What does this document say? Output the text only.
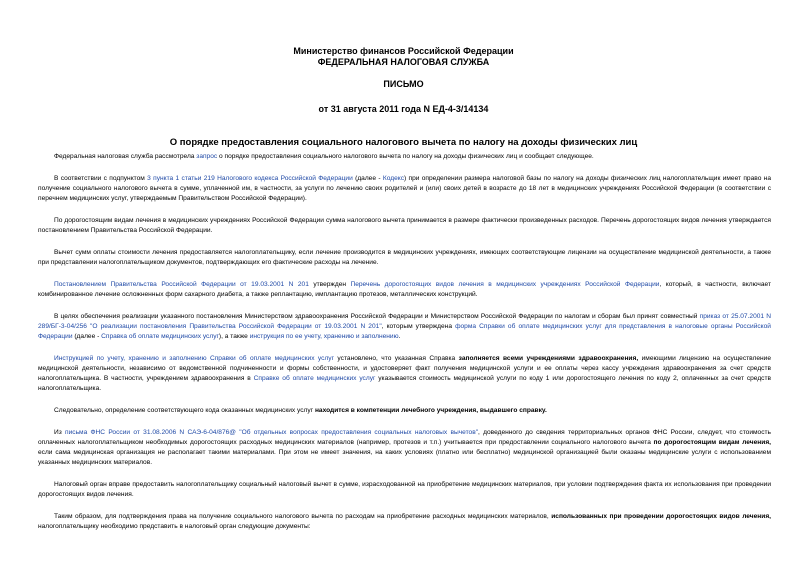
Министерство финансов Российской Федерации
ФЕДЕРАЛЬНАЯ НАЛОГОВАЯ СЛУЖБА
ПИСЬМО
от 31 августа 2011 года N ЕД-4-3/14134
О порядке предоставления социального налогового вычета по налогу на доходы физических лиц

Федеральная налоговая служба рассмотрела запрос о порядке предоставления социального налогового вычета по налогу на доходы физических лиц и сообщает следующее.

В соответствии с подпунктом 3 пункта 1 статьи 219 Налогового кодекса Российской Федерации (далее - Кодекс) при определении размера налоговой базы по налогу на доходы физических лиц налогоплательщик имеет право на получение социального налогового вычета в сумме, уплаченной им, в частности, за услуги по лечению своих родителей и (или) своих детей в возрасте до 18 лет в медицинских учреждениях Российской Федерации (в соответствии с перечнем медицинских услуг, утверждаемым Правительством Российской Федерации).

По дорогостоящим видам лечения в медицинских учреждениях Российской Федерации сумма налогового вычета принимается в размере фактически произведенных расходов. Перечень дорогостоящих видов лечения утверждается постановлением Правительства Российской Федерации.

Вычет сумм оплаты стоимости лечения предоставляется налогоплательщику, если лечение производится в медицинских учреждениях, имеющих соответствующие лицензии на осуществление медицинской деятельности, а также при представлении налогоплательщиком документов, подтверждающих его фактические расходы на лечение.

Постановлением Правительства Российской Федерации от 19.03.2001 N 201 утвержден Перечень дорогостоящих видов лечения в медицинских учреждениях Российской Федерации, который, в частности, включает комбинированное лечение осложненных форм сахарного диабета, а также реплантацию, имплантацию протезов, металлических конструкций.

В целях обеспечения реализации указанного постановления Министерством здравоохранения Российской Федерации и Министерством Российской Федерации по налогам и сборам был принят совместный приказ от 25.07.2001 N 289/БГ-3-04/256 "О реализации постановления Правительства Российской Федерации от 19.03.2001 N 201", которым утверждена форма Справки об оплате медицинских услуг для представления в налоговые органы Российской Федерации (далее - Справка об оплате медицинских услуг), а также инструкция по ее учету, хранению и заполнению.

Инструкцией по учету, хранению и заполнению Справки об оплате медицинских услуг установлено, что указанная Справка заполняется всеми учреждениями здравоохранения, имеющими лицензию на осуществление медицинской деятельности, независимо от ведомственной подчиненности и формы собственности, и удостоверяет факт получения медицинской услуги и ее оплаты через кассу учреждения здравоохранения за счет средств налогоплательщика. В частности, учреждением здравоохранения в Справке об оплате медицинских услуг указывается стоимость медицинской услуги по коду 1 или дорогостоящего лечения по коду 2, оплаченных за счет средств налогоплательщика.

Следовательно, определение соответствующего кода оказанных медицинских услуг находится в компетенции лечебного учреждения, выдавшего справку.

Из письма ФНС России от 31.08.2006 N САЭ-6-04/876@ "Об отдельных вопросах предоставления социальных налоговых вычетов", доведенного до сведения территориальных органов ФНС России, следует, что стоимость оплаченных налогоплательщиком необходимых дорогостоящих расходных медицинских материалов (например, протезов и т.п.) учитывается при предоставлении социального налогового вычета по дорогостоящим видам лечения, если сама медицинская организация не располагает такими материалами. При этом не имеет значения, на каких условиях (платно или бесплатно) медицинской организацией были оказаны медицинские услуги с использованием указанных медицинских материалов.

Налоговый орган вправе предоставить налогоплательщику социальный налоговый вычет в сумме, израсходованной на приобретение медицинских материалов, при условии подтверждения факта их использования при проведении дорогостоящих видов лечения.

Таким образом, для подтверждения права на получение социального налогового вычета по расходам на приобретение расходных медицинских материалов, использованных при проведении дорогостоящих видов лечения, налогоплательщику необходимо представить в налоговый орган следующие документы:
